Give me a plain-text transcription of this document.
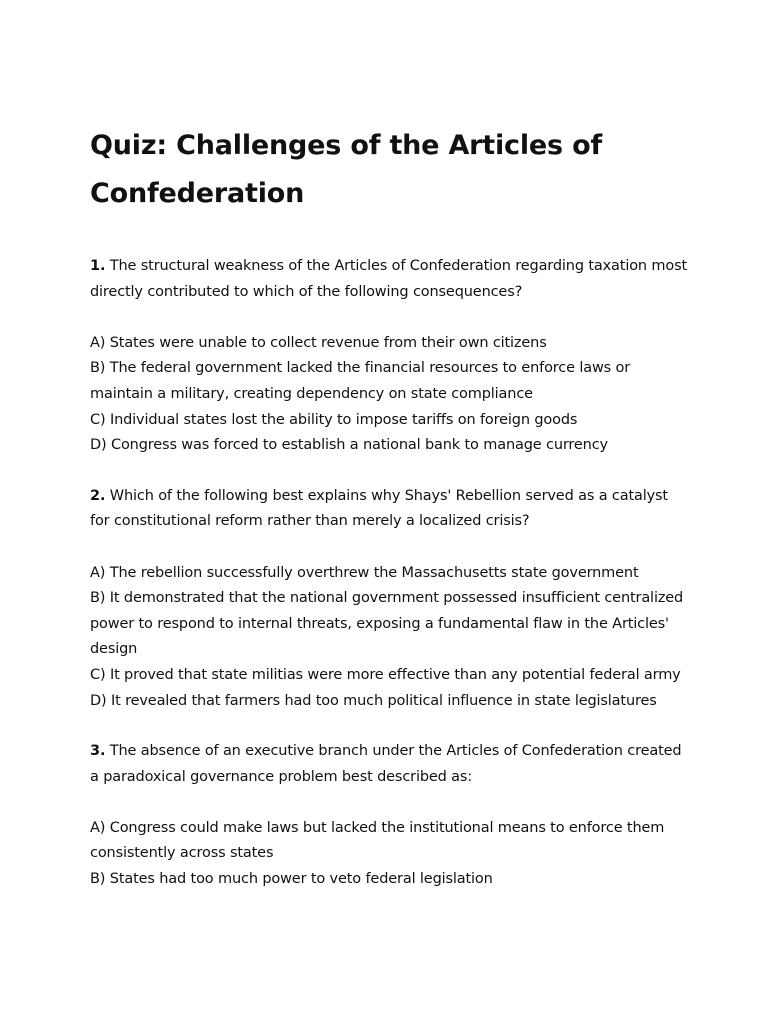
Quiz: Challenges of the Articles of Confederation

1. The structural weakness of the Articles of Confederation regarding taxation most directly contributed to which of the following consequences?

A) States were unable to collect revenue from their own citizens

B) The federal government lacked the financial resources to enforce laws or maintain a military, creating dependency on state compliance

C) Individual states lost the ability to impose tariffs on foreign goods

D) Congress was forced to establish a national bank to manage currency

2. Which of the following best explains why Shays' Rebellion served as a catalyst for constitutional reform rather than merely a localized crisis?

A) The rebellion successfully overthrew the Massachusetts state government

B) It demonstrated that the national government possessed insufficient centralized power to respond to internal threats, exposing a fundamental flaw in the Articles' design

C) It proved that state militias were more effective than any potential federal army

D) It revealed that farmers had too much political influence in state legislatures

3. The absence of an executive branch under the Articles of Confederation created a paradoxical governance problem best described as:

A) Congress could make laws but lacked the institutional means to enforce them consistently across states

B) States had too much power to veto federal legislation
